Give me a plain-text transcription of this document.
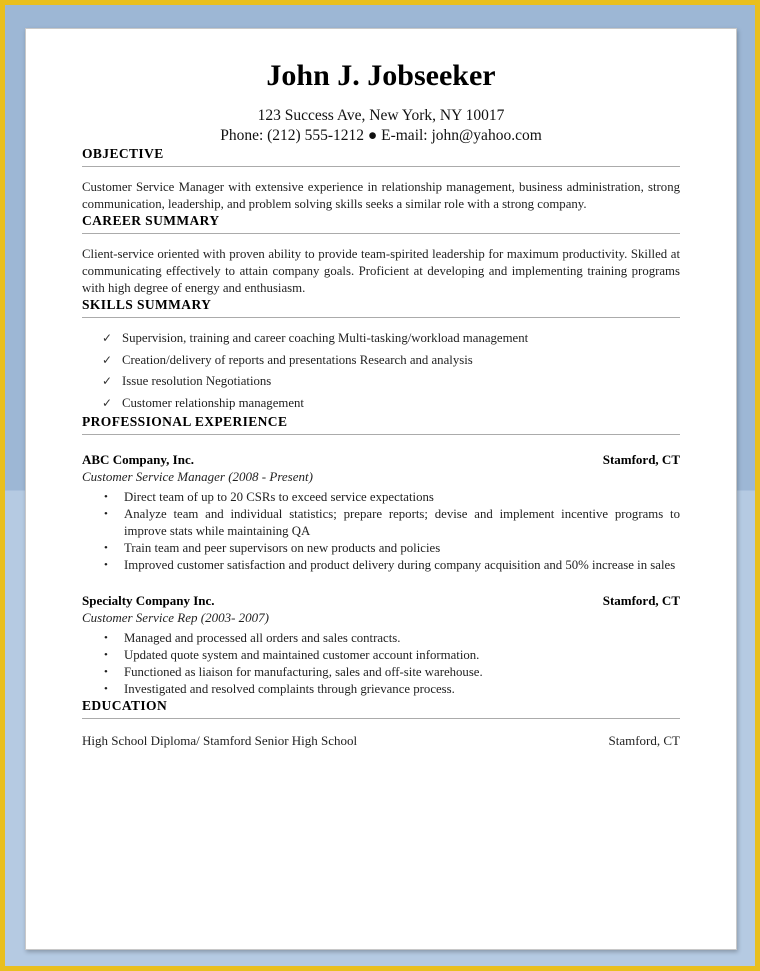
John J. Jobseeker
123 Success Ave, New York, NY 10017
Phone: (212) 555-1212 ● E-mail: john@yahoo.com
OBJECTIVE

Customer Service Manager with extensive experience in relationship management, business administration, strong communication, leadership, and problem solving skills seeks a similar role with a strong company.

CAREER SUMMARY

Client-service oriented with proven ability to provide team-spirited leadership for maximum productivity. Skilled at communicating effectively to attain company goals. Proficient at developing and implementing training programs with high degree of energy and enthusiasm.

SKILLS SUMMARY
✓ Supervision, training and career coaching Multi-tasking/workload management
✓ Creation/delivery of reports and presentations Research and analysis
✓ Issue resolution Negotiations
✓ Customer relationship management
PROFESSIONAL EXPERIENCE
ABC Company, Inc.	Stamford, CT
Customer Service Manager (2008 - Present)
•	Direct team of up to 20 CSRs to exceed service expectations
•	Analyze team and individual statistics; prepare reports; devise and implement incentive programs to improve stats while maintaining QA
•	Train team and peer supervisors on new products and policies
•	Improved customer satisfaction and product delivery during company acquisition and 50% increase in sales
Specialty Company Inc.	Stamford, CT
Customer Service Rep (2003- 2007)
•	Managed and processed all orders and sales contracts.
•	Updated quote system and maintained customer account information.
•	Functioned as liaison for manufacturing, sales and off-site warehouse.
•	Investigated and resolved complaints through grievance process.
EDUCATION
High School Diploma/ Stamford Senior High School	Stamford, CT
